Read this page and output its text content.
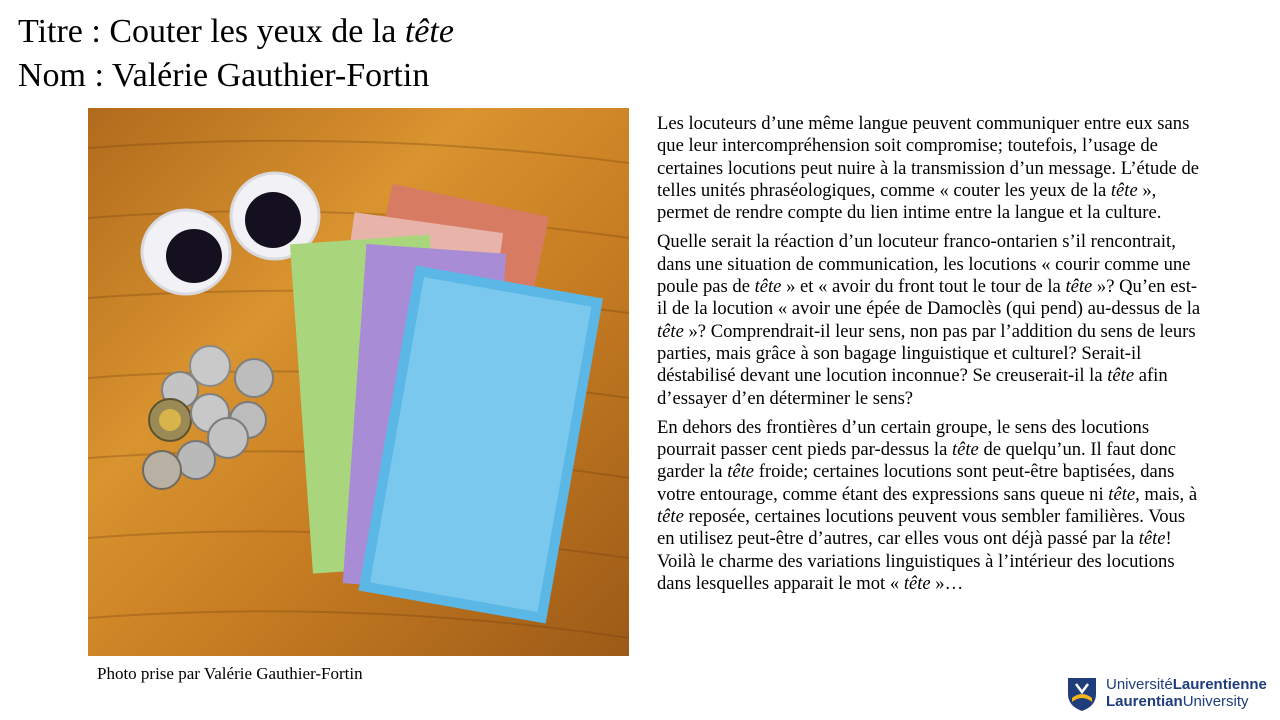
Titre : Couter les yeux de la tête
Nom : Valérie Gauthier-Fortin
Photo prise par Valérie Gauthier-Fortin

Les locuteurs d’une même langue peuvent communiquer entre eux sans que leur intercompréhension soit compromise; toutefois, l’usage de certaines locutions peut nuire à la transmission d’un message. L’étude de telles unités phraséologiques, comme « couter les yeux de la tête », permet de rendre compte du lien intime entre la langue et la culture.

Quelle serait la réaction d’un locuteur franco-ontarien s’il rencontrait, dans une situation de communication, les locutions « courir comme une poule pas de tête » et « avoir du front tout le tour de la tête »? Qu’en est-il de la locution « avoir une épée de Damoclès (qui pend) au-dessus de la tête »? Comprendrait-il leur sens, non pas par l’addition du sens de leurs parties, mais grâce à son bagage linguistique et culturel? Serait-il déstabilisé devant une locution inconnue? Se creuserait-il la tête afin d’essayer d’en déterminer le sens?

En dehors des frontières d’un certain groupe, le sens des locutions pourrait passer cent pieds par-dessus la tête de quelqu’un. Il faut donc garder la tête froide; certaines locutions sont peut-être baptisées, dans votre entourage, comme étant des expressions sans queue ni tête, mais, à tête reposée, certaines locutions peuvent vous sembler familières. Vous en utilisez peut-être d’autres, car elles vous ont déjà passé par la tête! Voilà le charme des variations linguistiques à l’intérieur des locutions dans lesquelles apparait le mot « tête »…

UniversitéLaurentienne
LaurentianUniversity
